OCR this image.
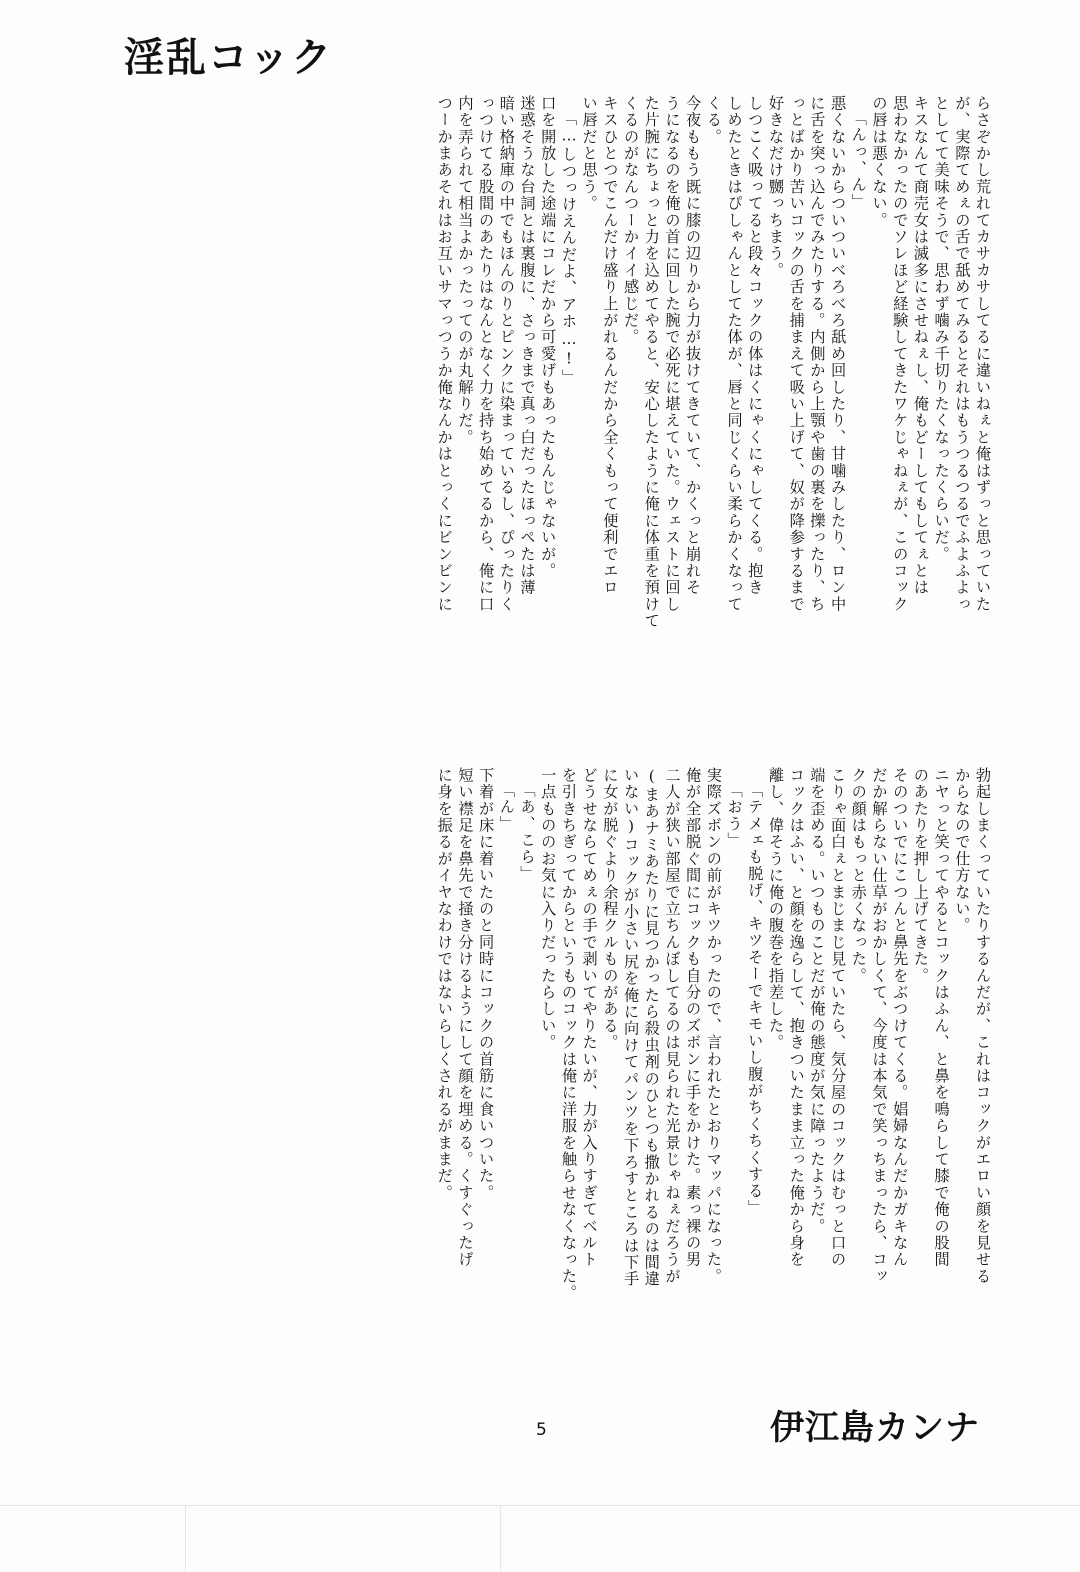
淫乱コック
らさぞかし荒れてカサカサしてるに違いねぇと俺はずっと思っていた
が、実際てめぇの舌で舐めてみるとそれはもうつるつるでふよふよっ
としてて美味そうで、思わず噛み千切りたくなったくらいだ。
キスなんて商売女は滅多にさせねぇし、俺もどーしてもしてぇとは
思わなかったのでソレほど経験してきたワケじゃねぇが、このコック
の唇は悪くない。
「んっ、ん」
悪くないからついついべろべろ舐め回したり、甘噛みしたり、ロン中
に舌を突っ込んでみたりする。内側から上顎や歯の裏を擽ったり、ち
っとばかり苦いコックの舌を捕まえて吸い上げて、奴が降参するまで
好きなだけ嬲っちまう。
しつこく吸ってると段々コックの体はくにゃくにゃしてくる。抱き
しめたときはぴしゃんとしてた体が、唇と同じくらい柔らかくなって
くる。
今夜ももう既に膝の辺りから力が抜けてきていて、かくっと崩れそ
うになるのを俺の首に回した腕で必死に堪えていた。ウェストに回し
た片腕にちょっと力を込めてやると、安心したように俺に体重を預けて
くるのがなんつーかイイ感じだ。
キスひとつでこんだけ盛り上がれるんだから全くもって便利でエロ
い唇だと思う。
「…しつっけえんだよ、アホ…!」
口を開放した途端にコレだから可愛げもあったもんじゃないが。
迷惑そうな台詞とは裏腹に、さっきまで真っ白だったほっぺたは薄
暗い格納庫の中でもほんのりとピンクに染まっているし、ぴったりく
っつけてる股間のあたりはなんとなく力を持ち始めてるから、俺に口
内を弄られて相当よかったってのが丸解りだ。
つーかまあそれはお互いサマっつうか俺なんかはとっくにビンビンに
勃起しまくっていたりするんだが、これはコックがエロい顔を見せる
からなので仕方ない。
ニヤっと笑ってやるとコックはふん、と鼻を鳴らして膝で俺の股間
のあたりを押し上げてきた。
そのついでにこつんと鼻先をぶつけてくる。娼婦なんだかガキなん
だか解らない仕草がおかしくて、今度は本気で笑っちまったら、コッ
クの顔はもっと赤くなった。
こりゃ面白ぇとまじまじ見ていたら、気分屋のコックはむっと口の
端を歪める。いつものことだが俺の態度が気に障ったようだ。
コックはふい、と顔を逸らして、抱きついたまま立った俺から身を
離し、偉そうに俺の腹巻を指差した。
「テメェも脱げ、キツそーでキモいし腹がちくちくする」
「おう」
実際ズボンの前がキツかったので、言われたとおりマッパになった。
俺が全部脱ぐ間にコックも自分のズボンに手をかけた。素っ裸の男
二人が狭い部屋で立ちんぼしてるのは見られた光景じゃねぇだろうが
(まあナミあたりに見つかったら殺虫剤のひとつも撒かれるのは間違
いない)コックが小さい尻を俺に向けてパンツを下ろすところは下手
に女が脱ぐより余程クルものがある。
どうせならてめぇの手で剥いてやりたいが、力が入りすぎてベルト
を引きちぎってからというものコックは俺に洋服を触らせなくなった。
一点もののお気に入りだったらしい。
「あ、こら」
「ん」
下着が床に着いたのと同時にコックの首筋に食いついた。
短い襟足を鼻先で掻き分けるようにして顔を埋める。くすぐったげ
に身を振るがイヤなわけではないらしくされるがままだ。
5	伊江島カンナ
